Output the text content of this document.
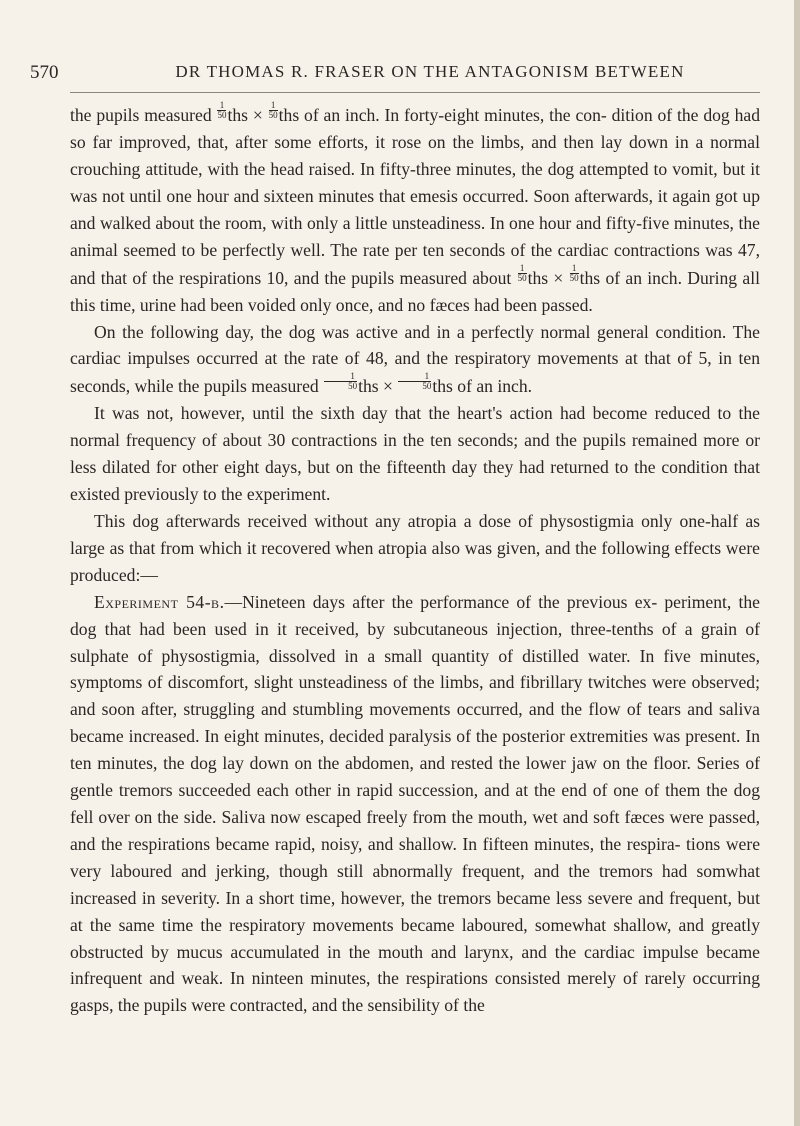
570	DR THOMAS R. FRASER ON THE ANTAGONISM BETWEEN

the pupils measured $\frac{1}{50}$ ths × $\frac{1}{50}$ ths of an inch. In forty-eight minutes, the con- dition of the dog had so far improved, that, after some efforts, it rose on the limbs, and then lay down in a normal crouching attitude, with the head raised. In fifty-three minutes, the dog attempted to vomit, but it was not until one hour and sixteen minutes that emesis occurred. Soon afterwards, it again got up and walked about the room, with only a little unsteadiness. In one hour and fifty-five minutes, the animal seemed to be perfectly well. The rate per ten seconds of the cardiac contractions was 47, and that of the respirations 10, and the pupils measured about $\frac{1}{50}$ ths × $\frac{1}{50}$ ths of an inch. During all this time, urine had been voided only once, and no fæces had been passed.

On the following day, the dog was active and in a perfectly normal general condition. The cardiac impulses occurred at the rate of 48, and the respiratory movements at that of 5, in ten seconds, while the pupils measured $\frac{1}{50}$ ths × $\frac{1}{50}$ ths of an inch.

It was not, however, until the sixth day that the heart's action had become reduced to the normal frequency of about 30 contractions in the ten seconds; and the pupils remained more or less dilated for other eight days, but on the fifteenth day they had returned to the condition that existed previously to the experiment.

This dog afterwards received without any atropia a dose of physostigmia only one-half as large as that from which it recovered when atropia also was given, and the following effects were produced:—

Experiment 54-b.—Nineteen days after the performance of the previous ex- periment, the dog that had been used in it received, by subcutaneous injection, three-tenths of a grain of sulphate of physostigmia, dissolved in a small quantity of distilled water. In five minutes, symptoms of discomfort, slight unsteadiness of the limbs, and fibrillary twitches were observed; and soon after, struggling and stumbling movements occurred, and the flow of tears and saliva became increased. In eight minutes, decided paralysis of the posterior extremities was present. In ten minutes, the dog lay down on the abdomen, and rested the lower jaw on the floor. Series of gentle tremors succeeded each other in rapid succession, and at the end of one of them the dog fell over on the side. Saliva now escaped freely from the mouth, wet and soft fæces were passed, and the respirations became rapid, noisy, and shallow. In fifteen minutes, the respira- tions were very laboured and jerking, though still abnormally frequent, and the tremors had somwhat increased in severity. In a short time, however, the tremors became less severe and frequent, but at the same time the respiratory movements became laboured, somewhat shallow, and greatly obstructed by mucus accumulated in the mouth and larynx, and the cardiac impulse became infrequent and weak. In ninteen minutes, the respirations consisted merely of rarely occurring gasps, the pupils were contracted, and the sensibility of the
